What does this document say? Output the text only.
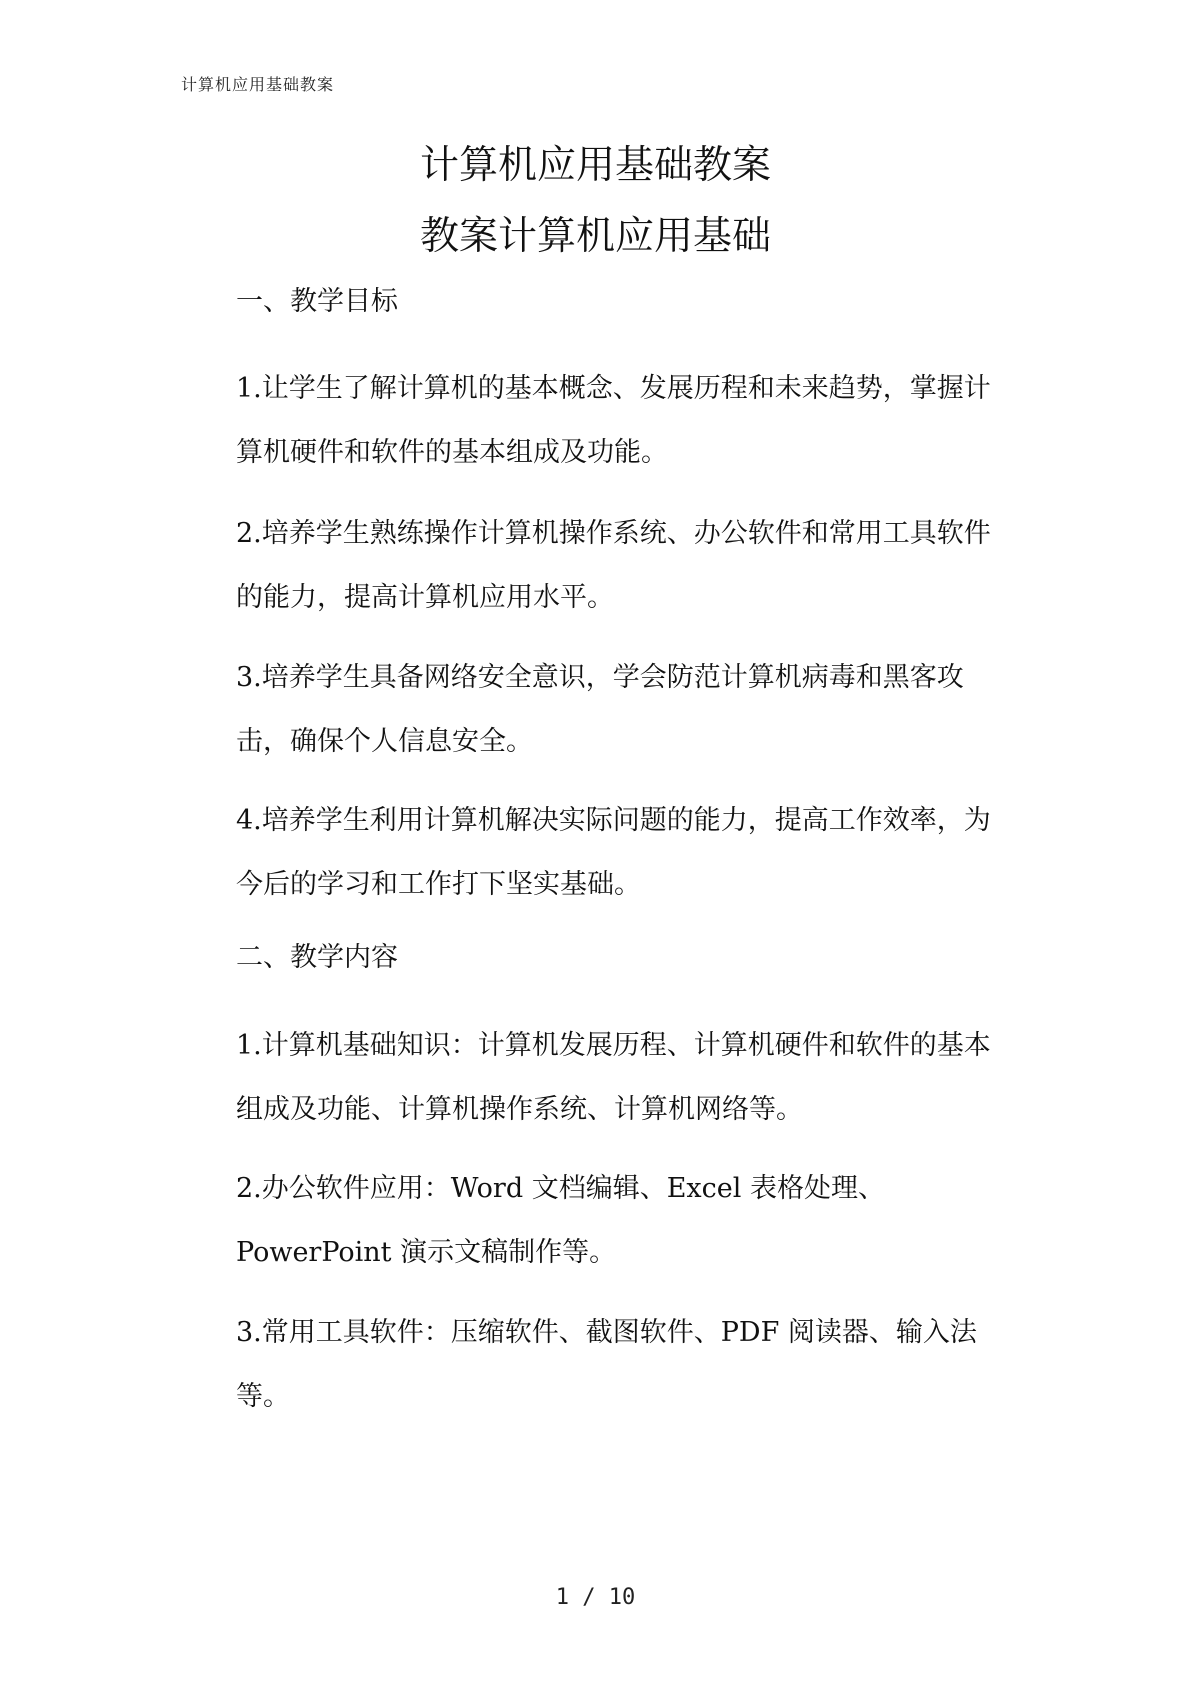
计算机应用基础教案
计算机应用基础教案
教案计算机应用基础
一、教学目标
1.让学生了解计算机的基本概念、发展历程和未来趋势，掌握计算机硬件和软件的基本组成及功能。
2.培养学生熟练操作计算机操作系统、办公软件和常用工具软件的能力，提高计算机应用水平。
3.培养学生具备网络安全意识，学会防范计算机病毒和黑客攻击，确保个人信息安全。
4.培养学生利用计算机解决实际问题的能力，提高工作效率，为今后的学习和工作打下坚实基础。
二、教学内容
1.计算机基础知识：计算机发展历程、计算机硬件和软件的基本组成及功能、计算机操作系统、计算机网络等。
2.办公软件应用：Word 文档编辑、Excel 表格处理、PowerPoint 演示文稿制作等。
3.常用工具软件：压缩软件、截图软件、PDF 阅读器、输入法等。
1 / 10
